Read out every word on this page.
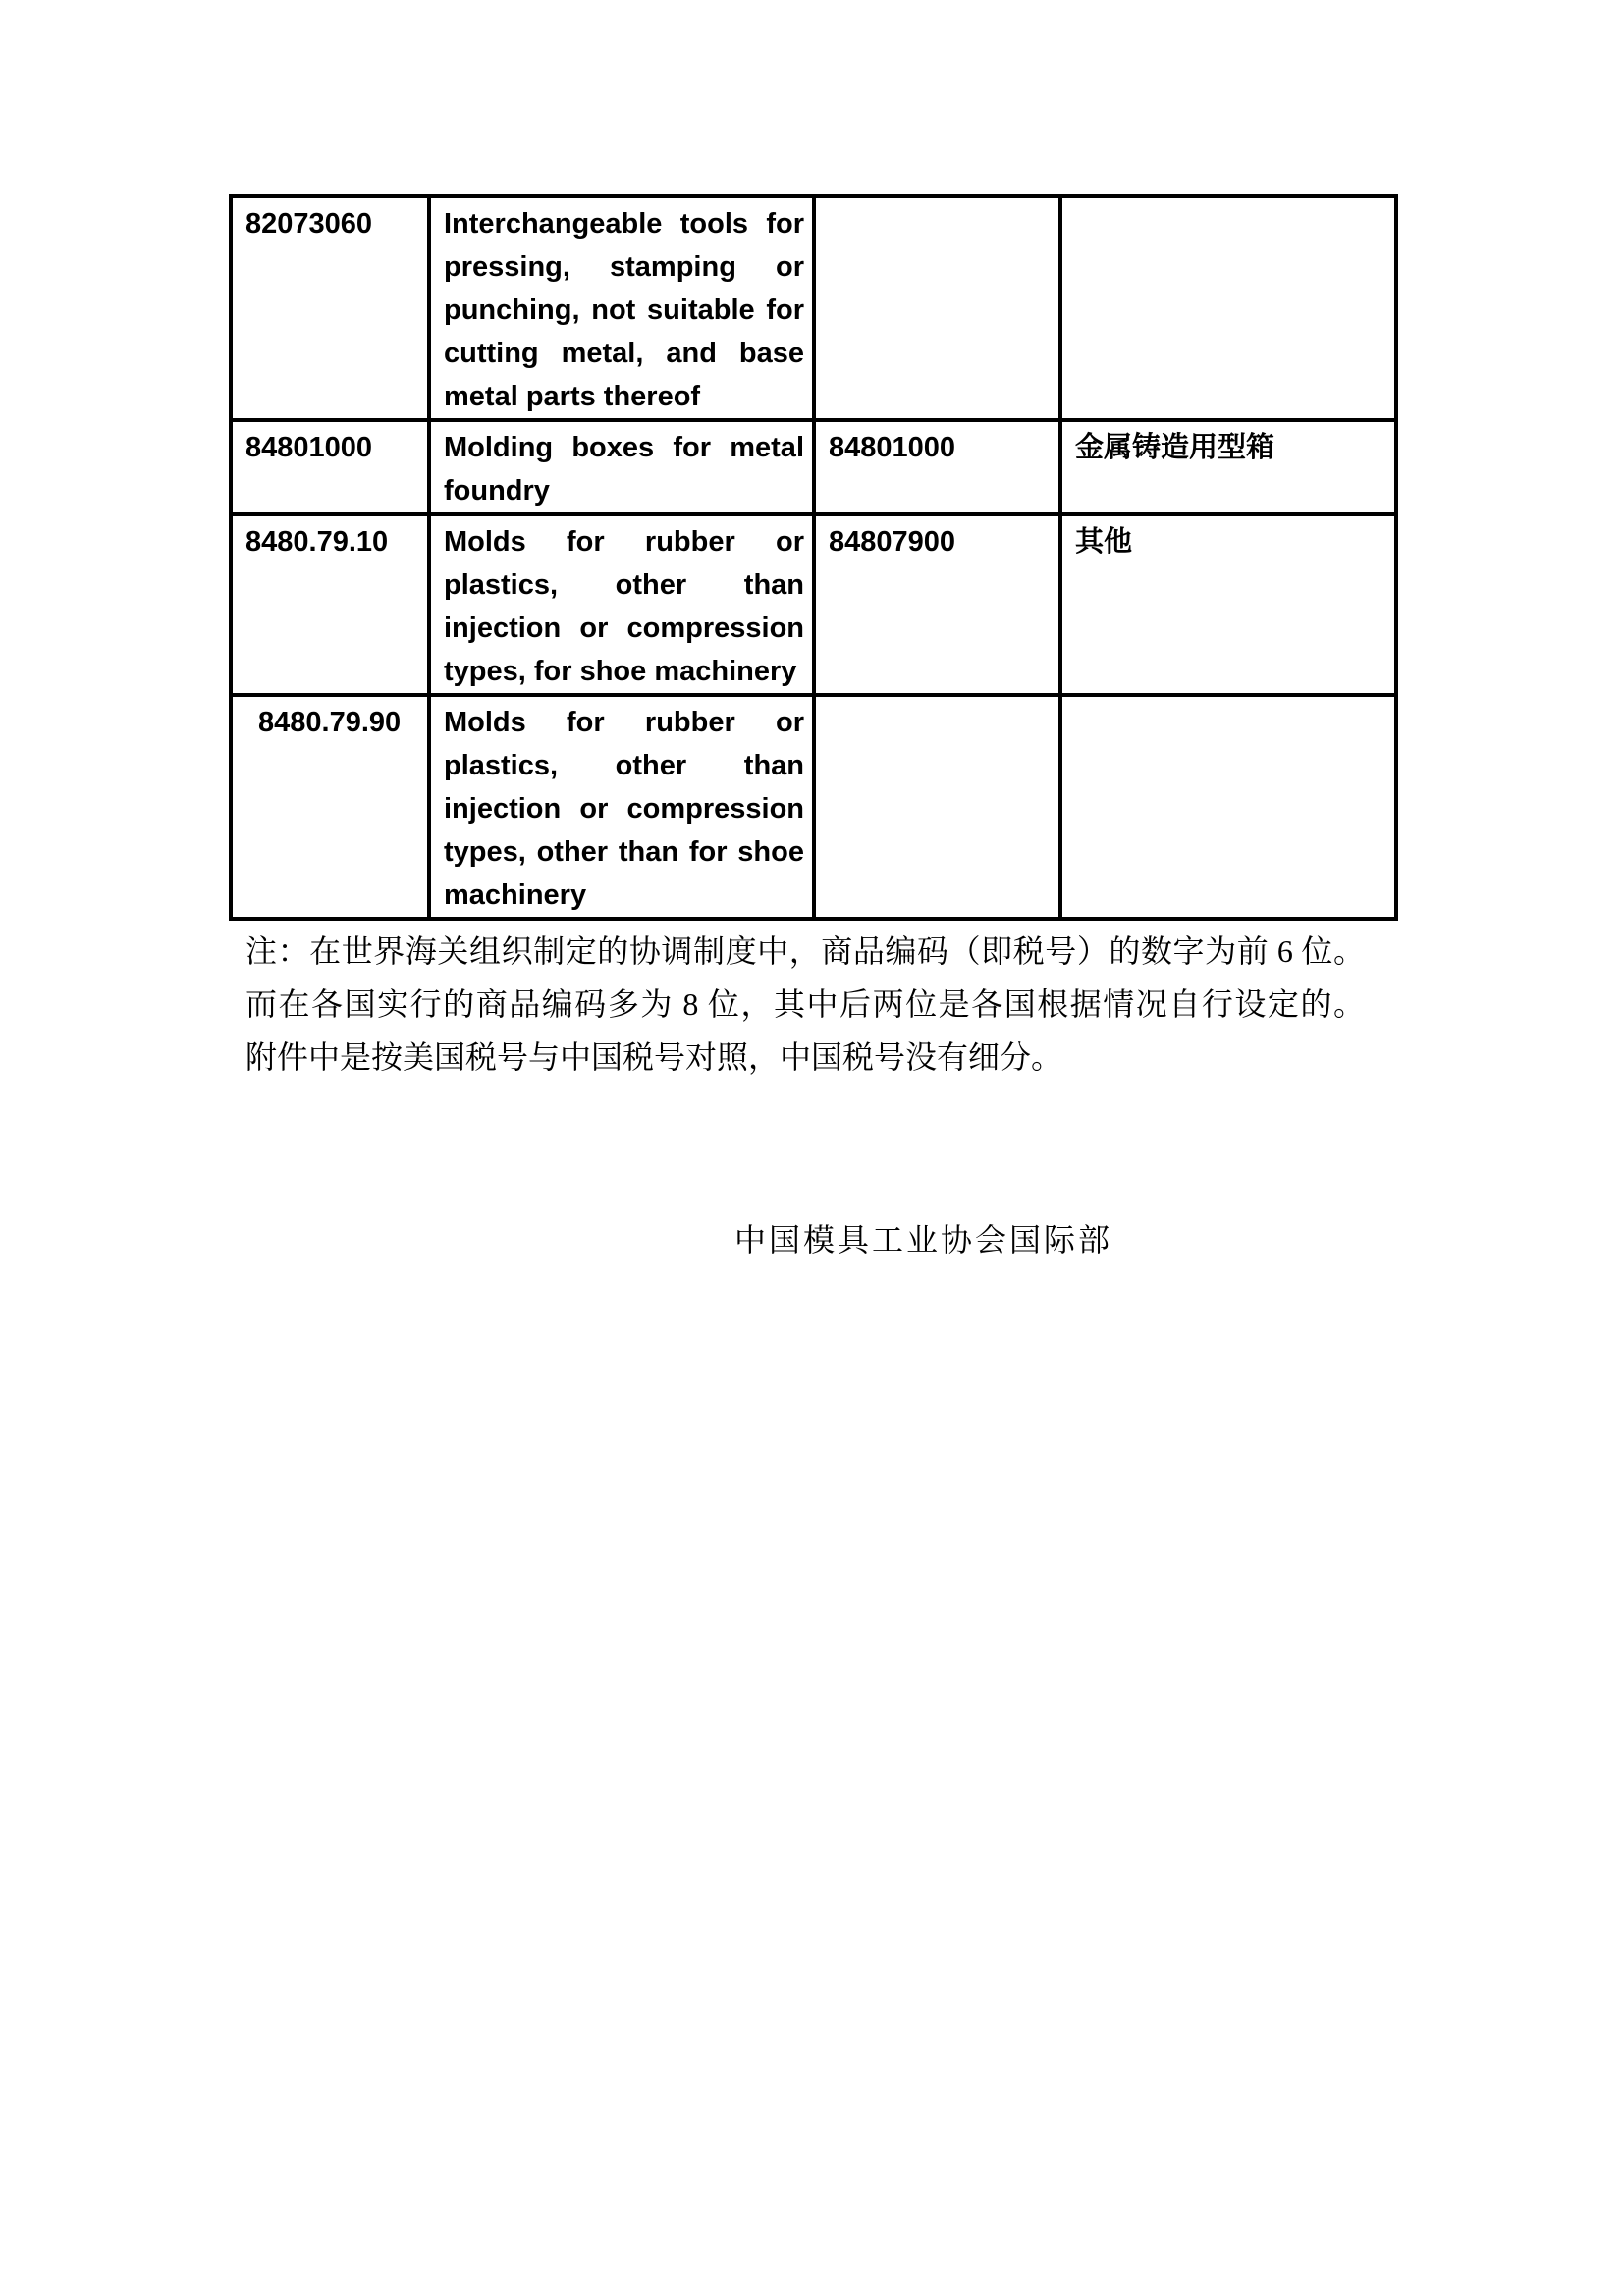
82073060	Interchangeable tools for pressing, stamping or punching, not suitable for cutting metal, and base metal parts thereof		
84801000	Molding boxes for metal foundry	84801000	金属铸造用型箱
8480.79.10	Molds for rubber or plastics, other than injection or compression types, for shoe machinery	84807900	其他
8480.79.90	Molds for rubber or plastics, other than injection or compression types, other than for shoe machinery		
注：在世界海关组织制定的协调制度中，商品编码（即税号）的数字为前 6 位。
而在各国实行的商品编码多为 8 位，其中后两位是各国根据情况自行设定的。
附件中是按美国税号与中国税号对照，中国税号没有细分。
中国模具工业协会国际部
